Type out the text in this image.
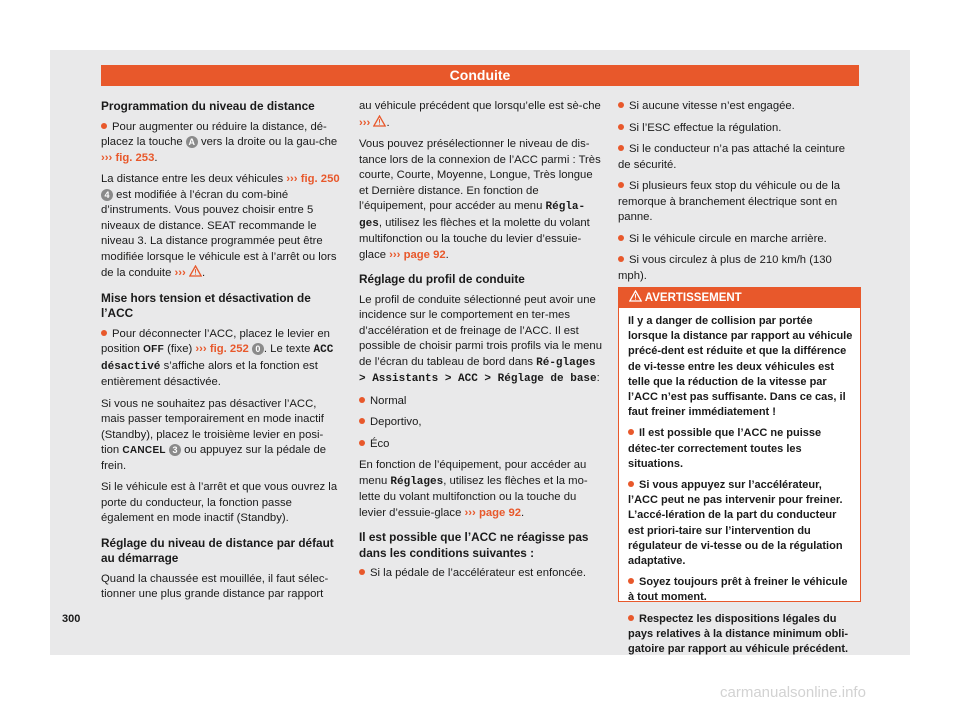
Conduite

Programmation du niveau de distance

Pour augmenter ou réduire la distance, dé-placez la touche A vers la droite ou la gau-che ››› fig. 253.

La distance entre les deux véhicules ››› fig. 250 4 est modifiée à l’écran du com-biné d’instruments. Vous pouvez choisir entre 5 niveaux de distance. SEAT recommande le niveau 3. La distance programmée peut être modifiée lorsque le véhicule est à l’arrêt ou lors de la conduite ››› .

Mise hors tension et désactivation de l’ACC

Pour déconnecter l’ACC, placez le levier en position OFF (fixe) ››› fig. 252 0 . Le texte ACC désactivé s’affiche alors et la fonction est entièrement désactivée.

Si vous ne souhaitez pas désactiver l’ACC, mais passer temporairement en mode inactif (Standby), placez le troisième levier en posi-tion CANCEL 3 ou appuyez sur la pédale de frein.

Si le véhicule est à l’arrêt et que vous ouvrez la porte du conducteur, la fonction passe également en mode inactif (Standby).

Réglage du niveau de distance par défaut au démarrage

Quand la chaussée est mouillée, il faut sélec-tionner une plus grande distance par rapport

au véhicule précédent que lorsqu’elle est sè-che ››› .

Vous pouvez présélectionner le niveau de dis-tance lors de la connexion de l’ACC parmi : Très courte, Courte, Moyenne, Longue, Très longue et Dernière distance. En fonction de l’équipement, pour accéder au menu Régla-ges, utilisez les flèches et la molette du volant multifonction ou la touche du levier d’essuie-glace ››› page 92.

Réglage du profil de conduite

Le profil de conduite sélectionné peut avoir une incidence sur le comportement en ter-mes d’accélération et de freinage de l’ACC. Il est possible de choisir parmi trois profils via le menu de l’écran du tableau de bord dans Ré-glages > Assistants > ACC > Réglage de base:

Normal

Deportivo,

Éco

En fonction de l’équipement, pour accéder au menu Réglages, utilisez les flèches et la mo-lette du volant multifonction ou la touche du levier d’essuie-glace ››› page 92.

Il est possible que l’ACC ne réagisse pas dans les conditions suivantes :

Si la pédale de l’accélérateur est enfoncée.

Si aucune vitesse n’est engagée.

Si l’ESC effectue la régulation.

Si le conducteur n’a pas attaché la ceinture de sécurité.

Si plusieurs feux stop du véhicule ou de la remorque à branchement électrique sont en panne.

Si le véhicule circule en marche arrière.

Si vous circulez à plus de 210 km/h (130 mph).

AVERTISSEMENT

Il y a danger de collision par portée lorsque la distance par rapport au véhicule précé-dent est réduite et que la différence de vi-tesse entre les deux véhicules est telle que la réduction de la vitesse par l’ACC n’est pas suffisante. Dans ce cas, il faut freiner immédiatement !

Il est possible que l’ACC ne puisse détec-ter correctement toutes les situations.

Si vous appuyez sur l’accélérateur, l’ACC peut ne pas intervenir pour freiner. L’accé-lération de la part du conducteur est priori-taire sur l’intervention du régulateur de vi-tesse ou de la régulation adaptative.

Soyez toujours prêt à freiner le véhicule à tout moment.

Respectez les dispositions légales du pays relatives à la distance minimum obli-gatoire par rapport au véhicule précédent.

300
carmanualsonline.info
